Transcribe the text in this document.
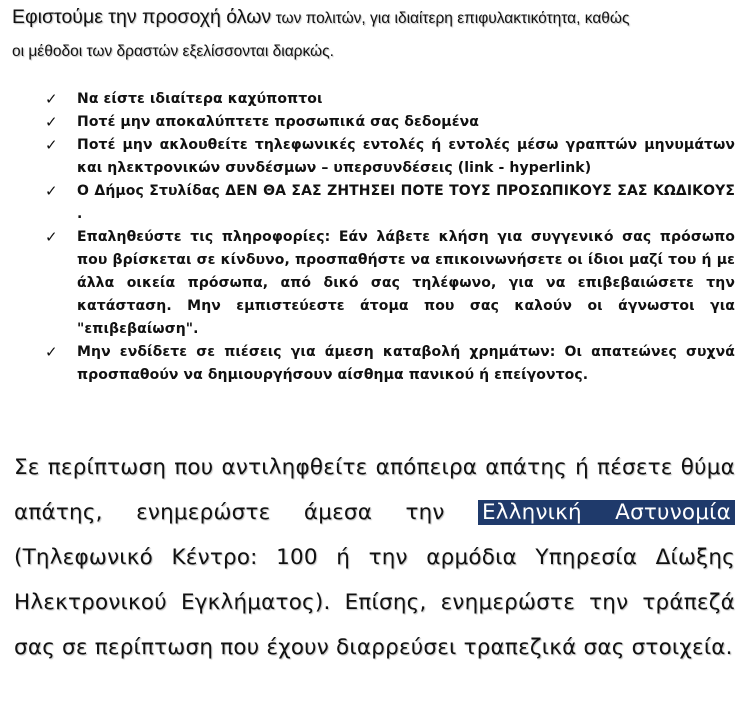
Εφιστούμε την προσοχή όλων των πολιτών, για ιδιαίτερη επιφυλακτικότητα, καθώς
οι μέθοδοι των δραστών εξελίσσονται διαρκώς.
✓ Να είστε ιδιαίτερα καχύποπτοι
✓ Ποτέ μην αποκαλύπτετε προσωπικά σας δεδομένα
✓ Ποτέ μην ακλουθείτε τηλεφωνικές εντολές ή εντολές μέσω γραπτών μηνυμάτων και ηλεκτρονικών συνδέσμων – υπερσυνδέσεις (link - hyperlink)
✓ Ο Δήμος Στυλίδας ΔΕΝ ΘΑ ΣΑΣ ΖΗΤΗΣΕΙ ΠΟΤΕ ΤΟΥΣ ΠΡΟΣΩΠΙΚΟΥΣ ΣΑΣ ΚΩΔΙΚΟΥΣ .
✓ Επαληθεύστε τις πληροφορίες: Εάν λάβετε κλήση για συγγενικό σας πρόσωπο που βρίσκεται σε κίνδυνο, προσπαθήστε να επικοινωνήσετε οι ίδιοι μαζί του ή με άλλα οικεία πρόσωπα, από δικό σας τηλέφωνο, για να επιβεβαιώσετε την κατάσταση. Μην εμπιστεύεστε άτομα που σας καλούν οι άγνωστοι για "επιβεβαίωση".
✓ Μην ενδίδετε σε πιέσεις για άμεση καταβολή χρημάτων: Οι απατεώνες συχνά προσπαθούν να δημιουργήσουν αίσθημα πανικού ή επείγοντος.
Σε περίπτωση που αντιληφθείτε απόπειρα απάτης ή πέσετε θύμα απάτης, ενημερώστε άμεσα την Ελληνική Αστυνομία (Τηλεφωνικό Κέντρο: 100 ή την αρμόδια Υπηρεσία Δίωξης Ηλεκτρονικού Εγκλήματος). Επίσης, ενημερώστε την τράπεζά σας σε περίπτωση που έχουν διαρρεύσει τραπεζικά σας στοιχεία.
